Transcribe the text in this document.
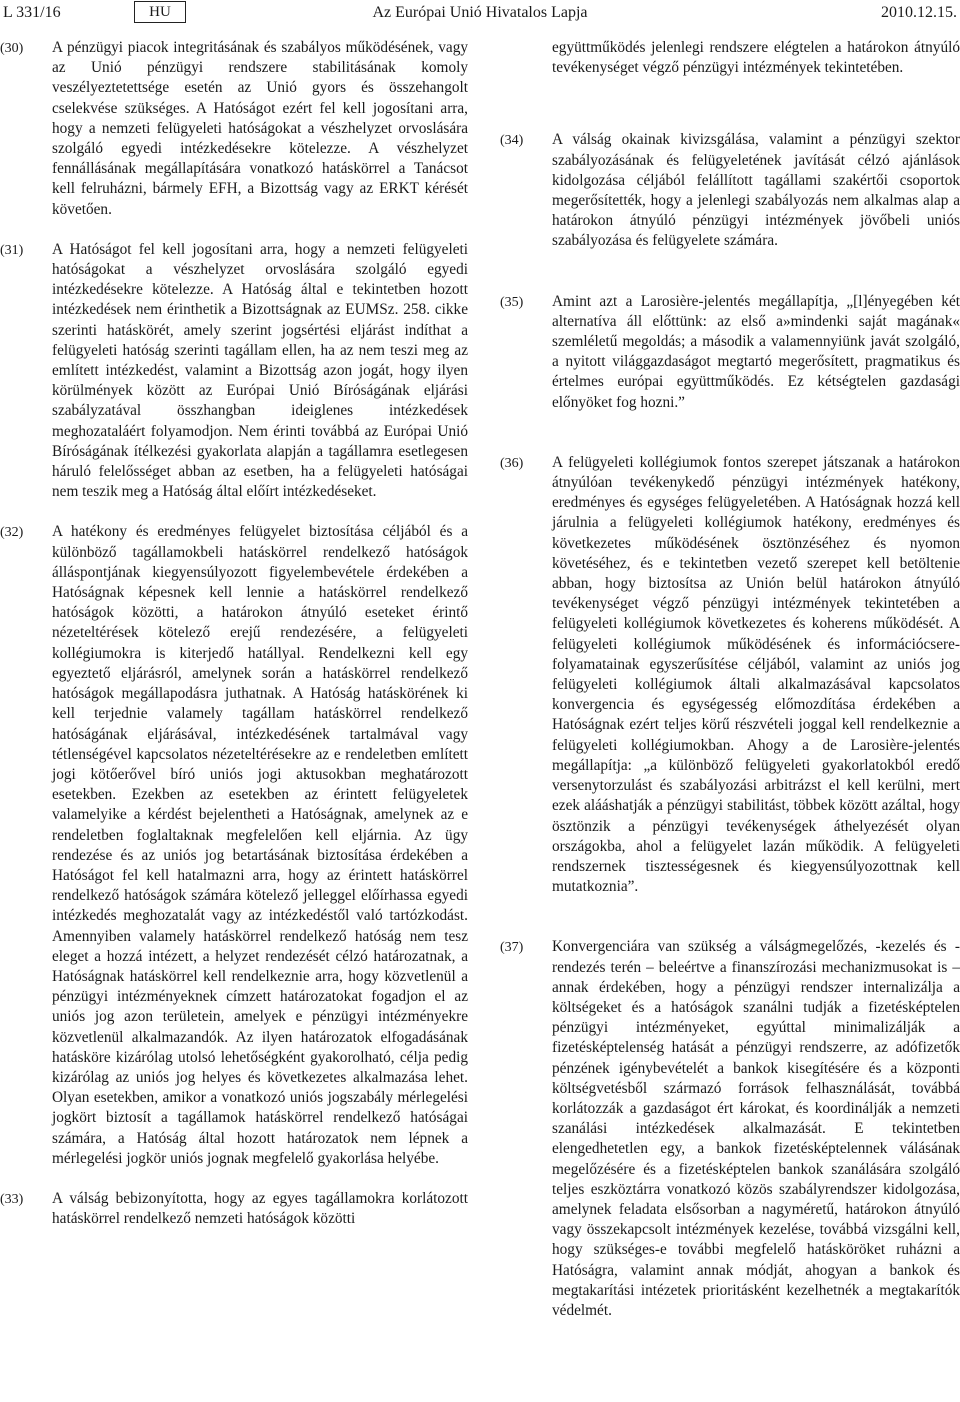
L 331/16	HU	Az Európai Unió Hivatalos Lapja	2010.12.15.
(30)	A pénzügyi piacok integritásának és szabályos működésének, vagy az Unió pénzügyi rendszere stabilitásának komoly veszélyeztetettsége esetén az Unió gyors és összehangolt cselekvése szükséges. A Hatóságot ezért fel kell jogosítani arra, hogy a nemzeti felügyeleti hatóságokat a vészhelyzet orvoslására szolgáló egyedi intézkedésekre kötelezze. A vészhelyzet fennállásának megállapítására vonatkozó hatáskörrel a Tanácsot kell felruházni, bármely EFH, a Bizottság vagy az ERKT kérését követően.

(31)	A Hatóságot fel kell jogosítani arra, hogy a nemzeti felügyeleti hatóságokat a vészhelyzet orvoslására szolgáló egyedi intézkedésekre kötelezze. A Hatóság által e tekintetben hozott intézkedések nem érinthetik a Bizottságnak az EUMSz. 258. cikke szerinti hatáskörét, amely szerint jogsértési eljárást indíthat a felügyeleti hatóság szerinti tagállam ellen, ha az nem teszi meg az említett intézkedést, valamint a Bizottság azon jogát, hogy ilyen körülmények között az Európai Unió Bíróságának eljárási szabályzatával összhangban ideiglenes intézkedések meghozataláért folyamodjon. Nem érinti továbbá az Európai Unió Bíróságának ítélkezési gyakorlata alapján a tagállamra esetlegesen háruló felelősséget abban az esetben, ha a felügyeleti hatóságai nem teszik meg a Hatóság által előírt intézkedéseket.

(32)	A hatékony és eredményes felügyelet biztosítása céljából és a különböző tagállamokbeli hatáskörrel rendelkező hatóságok álláspontjának kiegyensúlyozott figyelembevétele érdekében a Hatóságnak képesnek kell lennie a hatáskörrel rendelkező hatóságok közötti, a határokon átnyúló eseteket érintő nézeteltérések kötelező erejű rendezésére, a felügyeleti kollégiumokra is kiterjedő hatállyal. Rendelkezni kell egy egyeztető eljárásról, amelynek során a hatáskörrel rendelkező hatóságok megállapodásra juthatnak. A Hatóság hatáskörének ki kell terjednie valamely tagállam hatáskörrel rendelkező hatóságának eljárásával, intézkedésének tartalmával vagy tétlenségével kapcsolatos nézeteltérésekre az e rendeletben említett jogi kötőerővel bíró uniós jogi aktusokban meghatározott esetekben. Ezekben az esetekben az érintett felügyeletek valamelyike a kérdést bejelentheti a Hatóságnak, amelynek az e rendeletben foglaltaknak megfelelően kell eljárnia. Az ügy rendezése és az uniós jog betartásának biztosítása érdekében a Hatóságot fel kell hatalmazni arra, hogy az érintett hatáskörrel rendelkező hatóságok számára kötelező jelleggel előírhassa egyedi intézkedés meghozatalát vagy az intézkedéstől való tartózkodást. Amennyiben valamely hatáskörrel rendelkező hatóság nem tesz eleget a hozzá intézett, a helyzet rendezését célzó határozatnak, a Hatóságnak hatáskörrel kell rendelkeznie arra, hogy közvetlenül a pénzügyi intézményeknek címzett határozatokat fogadjon el az uniós jog azon területein, amelyek e pénzügyi intézményekre közvetlenül alkalmazandók. Az ilyen határozatok elfogadásának hatásköre kizárólag utolsó lehetőségként gyakorolható, célja pedig kizárólag az uniós jog helyes és következetes alkalmazása lehet. Olyan esetekben, amikor a vonatkozó uniós jogszabály mérlegelési jogkört biztosít a tagállamok hatáskörrel rendelkező hatóságai számára, a Hatóság által hozott határozatok nem lépnek a mérlegelési jogkör uniós jognak megfelelő gyakorlása helyébe.

(33)	A válság bebizonyította, hogy az egyes tagállamokra korlátozott hatáskörrel rendelkező nemzeti hatóságok közötti

együttműködés jelenlegi rendszere elégtelen a határokon átnyúló tevékenységet végző pénzügyi intézmények tekintetében.

(34)	A válság okainak kivizsgálása, valamint a pénzügyi szektor szabályozásának és felügyeletének javítását célzó ajánlások kidolgozása céljából felállított tagállami szakértői csoportok megerősítették, hogy a jelenlegi szabályozás nem alkalmas alap a határokon átnyúló pénzügyi intézmények jövőbeli uniós szabályozása és felügyelete számára.

(35)	Amint azt a Larosière-jelentés megállapítja, „[l]ényegében két alternatíva áll előttünk: az első a»mindenki saját magának« szemléletű megoldás; a második a valamennyiünk javát szolgáló, a nyitott világgazdaságot megtartó megerősített, pragmatikus és értelmes európai együttműködés. Ez kétségtelen gazdasági előnyöket fog hozni.”

(36)	A felügyeleti kollégiumok fontos szerepet játszanak a határokon átnyúlóan tevékenykedő pénzügyi intézmények hatékony, eredményes és egységes felügyeletében. A Hatóságnak hozzá kell járulnia a felügyeleti kollégiumok hatékony, eredményes és következetes működésének ösztönzéséhez és nyomon követéséhez, és e tekintetben vezető szerepet kell betöltenie abban, hogy biztosítsa az Unión belül határokon átnyúló tevékenységet végző pénzügyi intézmények tekintetében a felügyeleti kollégiumok következetes és koherens működését. A felügyeleti kollégiumok működésének és információcsere-folyamatainak egyszerűsítése céljából, valamint az uniós jog felügyeleti kollégiumok általi alkalmazásával kapcsolatos konvergencia és egységesség előmozdítása érdekében a Hatóságnak ezért teljes körű részvételi joggal kell rendelkeznie a felügyeleti kollégiumokban. Ahogy a de Larosière-jelentés megállapítja: „a különböző felügyeleti gyakorlatokból eredő versenytorzulást és szabályozási arbitrázst el kell kerülni, mert ezek alááshatják a pénzügyi stabilitást, többek között azáltal, hogy ösztönzik a pénzügyi tevékenységek áthelyezését olyan országokba, ahol a felügyelet lazán működik. A felügyeleti rendszernek tisztességesnek és kiegyensúlyozottnak kell mutatkoznia”.

(37)	Konvergenciára van szükség a válságmegelőzés, -kezelés és -rendezés terén – beleértve a finanszírozási mechanizmusokat is – annak érdekében, hogy a pénzügyi rendszer internalizálja a költségeket és a hatóságok szanálni tudják a fizetésképtelen pénzügyi intézményeket, egyúttal minimalizálják a fizetésképtelenség hatását a pénzügyi rendszerre, az adófizetők pénzének igénybevételét a bankok kisegítésére és a központi költségvetésből származó források felhasználását, továbbá korlátozzák a gazdaságot ért károkat, és koordinálják a nemzeti szanálási intézkedések alkalmazását. E tekintetben elengedhetetlen egy, a bankok fizetésképtelennek válásának megelőzésére és a fizetésképtelen bankok szanálására szolgáló teljes eszköztárra vonatkozó közös szabályrendszer kidolgozása, amelynek feladata elsősorban a nagyméretű, határokon átnyúló vagy összekapcsolt intézmények kezelése, továbbá vizsgálni kell, hogy szükséges-e további megfelelő hatásköröket ruházni a Hatóságra, valamint annak módját, ahogyan a bankok és megtakarítási intézetek prioritásként kezelhetnék a megtakarítók védelmét.
